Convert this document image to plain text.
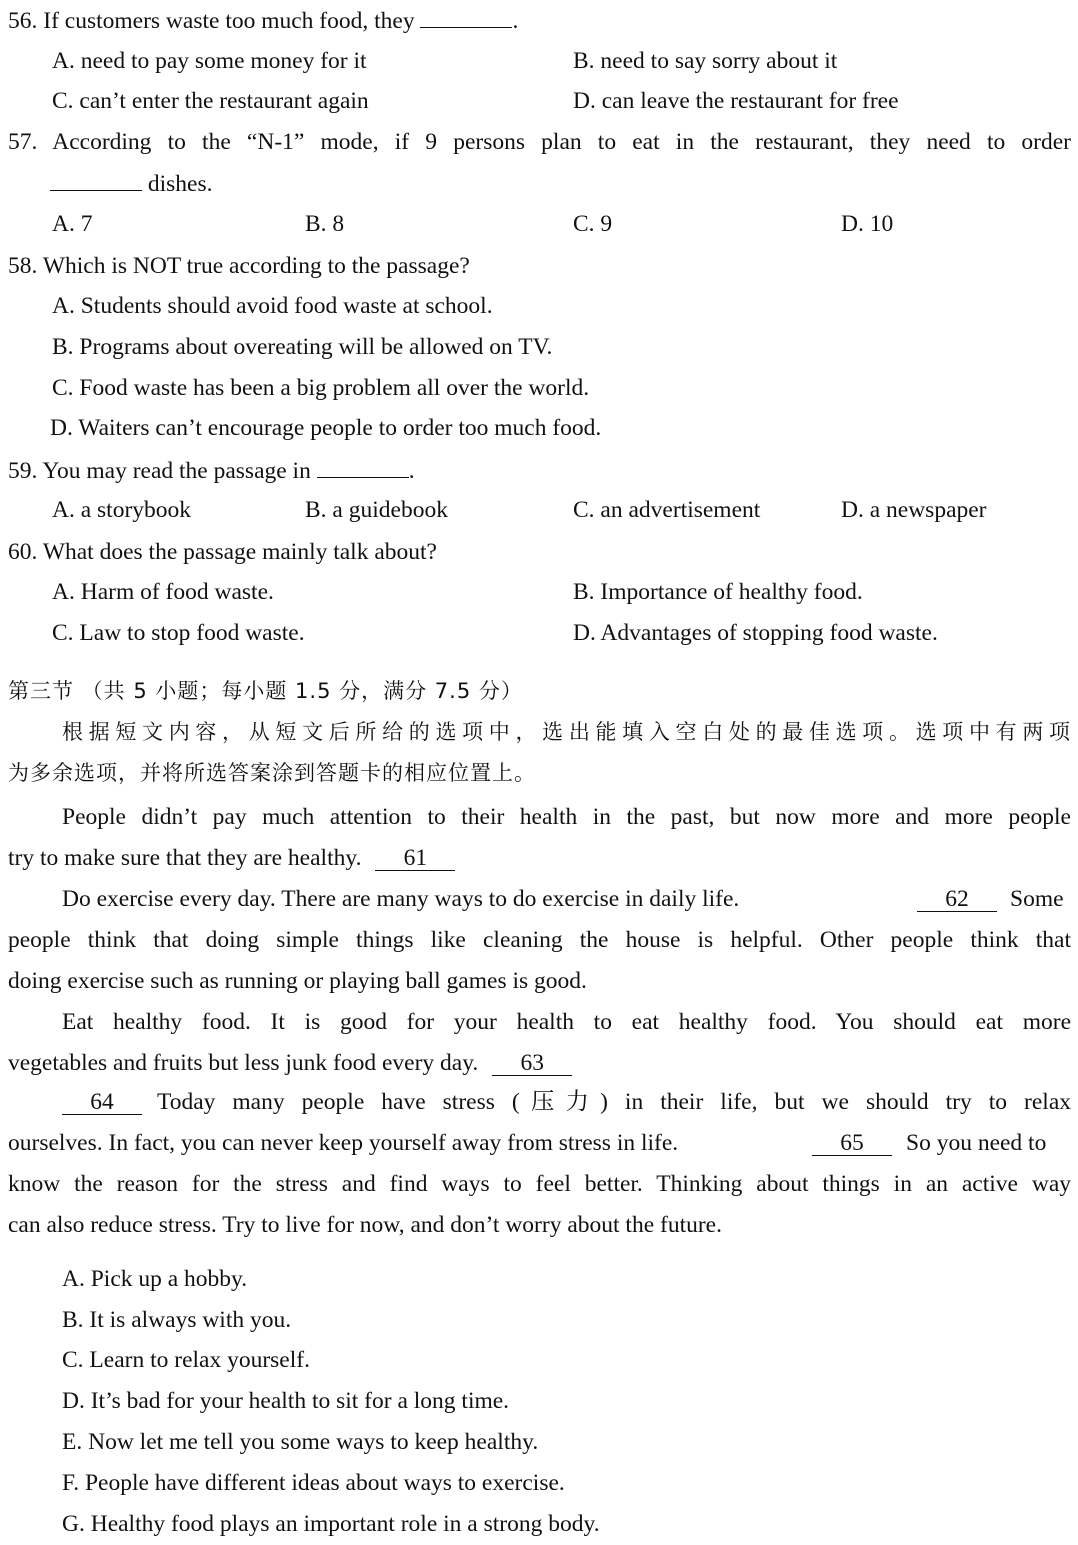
56. If customers waste too much food, they	.
A. need to pay some money for it	B. need to say sorry about it
C. can’t enter the restaurant again	D. can leave the restaurant for free
57. According to the “N-1” mode, if 9 persons plan to eat in the restaurant, they need to order
dishes.
A. 7	B. 8	C. 9	D. 10
58. Which is NOT true according to the passage?
A. Students should avoid food waste at school.
B. Programs about overeating will be allowed on TV.
C. Food waste has been a big problem all over the world.
D. Waiters can’t encourage people to order too much food.
59. You may read the passage in	.
A. a storybook	B. a guidebook	C. an advertisement	D. a newspaper
60. What does the passage mainly talk about?
A. Harm of food waste.	B. Importance of healthy food.
C. Law to stop food waste.	D. Advantages of stopping food waste.
第三节 （共 5 小题；每小题 1.5 分，满分 7.5 分）
根据短文内容，从短文后所给的选项中，选出能填入空白处的最佳选项。选项中有两项
为多余选项，并将所选答案涂到答题卡的相应位置上。
People didn’t pay much attention to their health in the past, but now more and more people
try to make sure that they are healthy. 61
Do exercise every day. There are many ways to do exercise in daily life.	62	Some
people think that doing simple things like cleaning the house is helpful. Other people think that
doing exercise such as running or playing ball games is good.
Eat healthy food. It is good for your health to eat healthy food. You should eat more
vegetables and fruits but less junk food every day. 63
64	Today many people have stress (压力) in their life, but we should try to relax
ourselves. In fact, you can never keep yourself away from stress in life.	65	So you need to
know the reason for the stress and find ways to feel better. Thinking about things in an active way
can also reduce stress. Try to live for now, and don’t worry about the future.
A. Pick up a hobby.
B. It is always with you.
C. Learn to relax yourself.
D. It’s bad for your health to sit for a long time.
E. Now let me tell you some ways to keep healthy.
F. People have different ideas about ways to exercise.
G. Healthy food plays an important role in a strong body.
